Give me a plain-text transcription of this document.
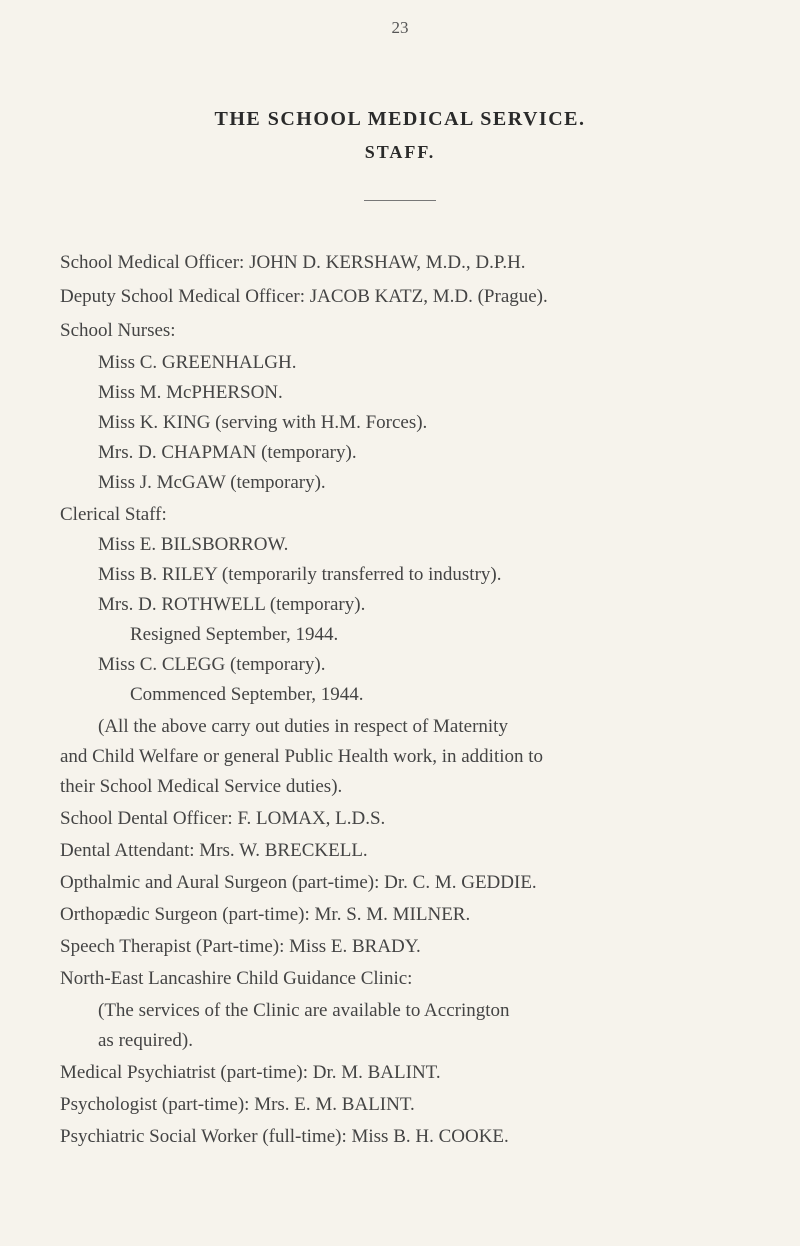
23
THE SCHOOL MEDICAL SERVICE.
STAFF.
School Medical Officer: JOHN D. KERSHAW, M.D., D.P.H.
Deputy School Medical Officer: JACOB KATZ, M.D. (Prague).
School Nurses:
Miss C. GREENHALGH.
Miss M. McPHERSON.
Miss K. KING (serving with H.M. Forces).
Mrs. D. CHAPMAN (temporary).
Miss J. McGAW (temporary).
Clerical Staff:
Miss E. BILSBORROW.
Miss B. RILEY (temporarily transferred to industry).
Mrs. D. ROTHWELL (temporary).
Resigned September, 1944.
Miss C. CLEGG (temporary).
Commenced September, 1944.
(All the above carry out duties in respect of Maternity
and Child Welfare or general Public Health work, in addition to
their School Medical Service duties).
School Dental Officer: F. LOMAX, L.D.S.
Dental Attendant: Mrs. W. BRECKELL.
Opthalmic and Aural Surgeon (part-time): Dr. C. M. GEDDIE.
Orthopædic Surgeon (part-time): Mr. S. M. MILNER.
Speech Therapist (Part-time): Miss E. BRADY.
North-East Lancashire Child Guidance Clinic:
(The services of the Clinic are available to Accrington
as required).
Medical Psychiatrist (part-time): Dr. M. BALINT.
Psychologist (part-time): Mrs. E. M. BALINT.
Psychiatric Social Worker (full-time): Miss B. H. COOKE.
